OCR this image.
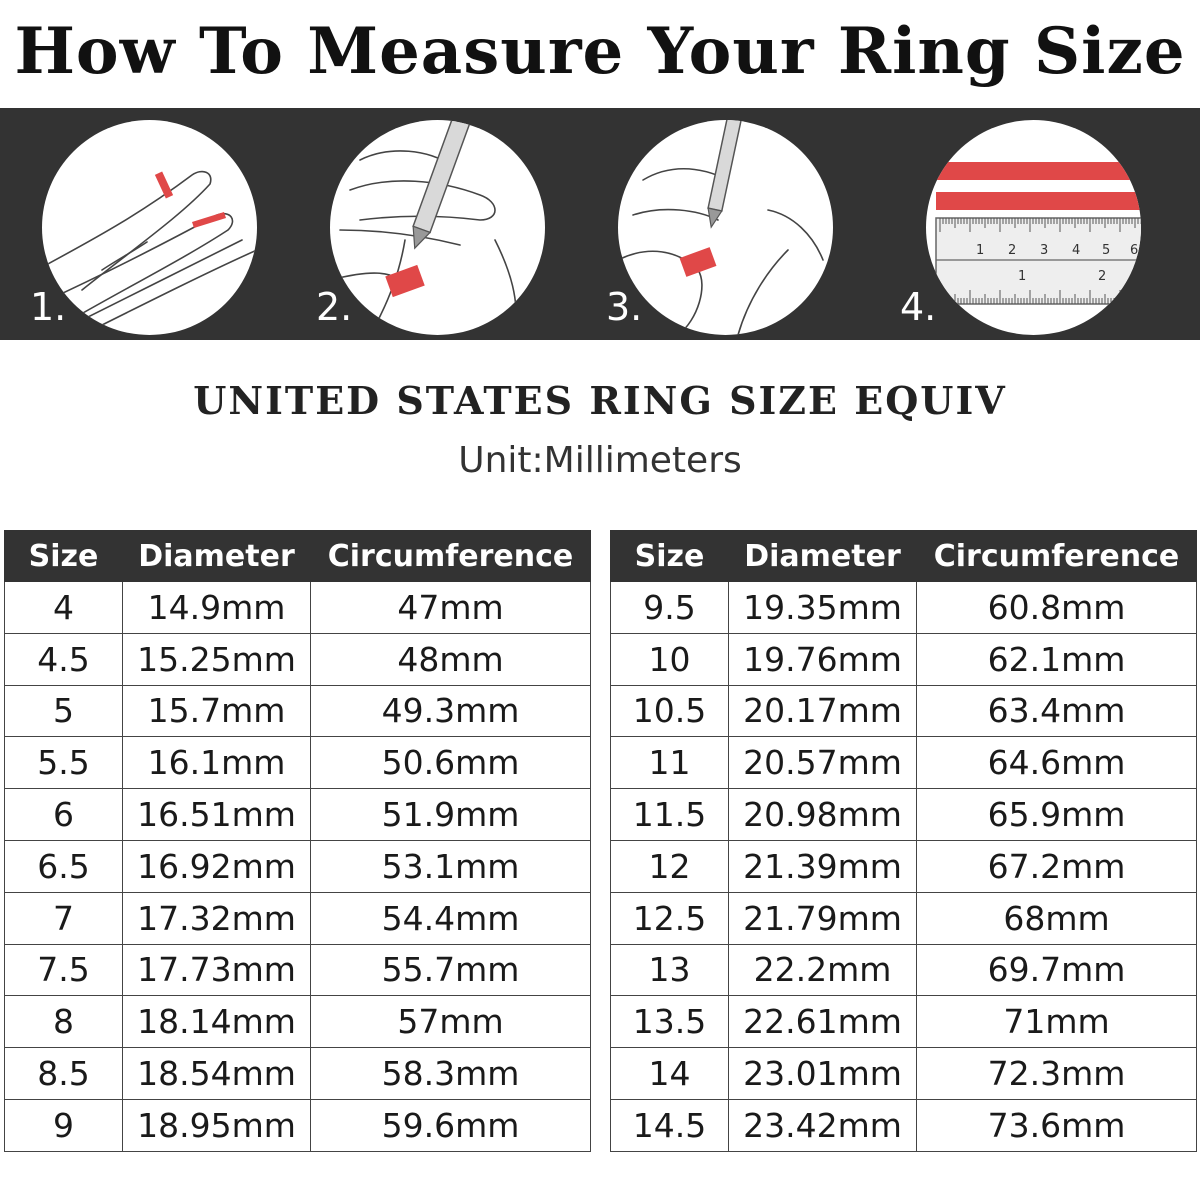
How To Measure Your Ring Size
1.	2.	3.
1 2 3 4 5 6
1	2
4.
UNITED STATES RING SIZE EQUIV
Unit:Millimeters
Size	Diameter	Circumference
4	14.9mm	47mm
4.5	15.25mm	48mm
5	15.7mm	49.3mm
5.5	16.1mm	50.6mm
6	16.51mm	51.9mm
6.5	16.92mm	53.1mm
7	17.32mm	54.4mm
7.5	17.73mm	55.7mm
8	18.14mm	57mm
8.5	18.54mm	58.3mm
9	18.95mm	59.6mm
Size	Diameter	Circumference
9.5	19.35mm	60.8mm
10	19.76mm	62.1mm
10.5	20.17mm	63.4mm
11	20.57mm	64.6mm
11.5	20.98mm	65.9mm
12	21.39mm	67.2mm
12.5	21.79mm	68mm
13	22.2mm	69.7mm
13.5	22.61mm	71mm
14	23.01mm	72.3mm
14.5	23.42mm	73.6mm
